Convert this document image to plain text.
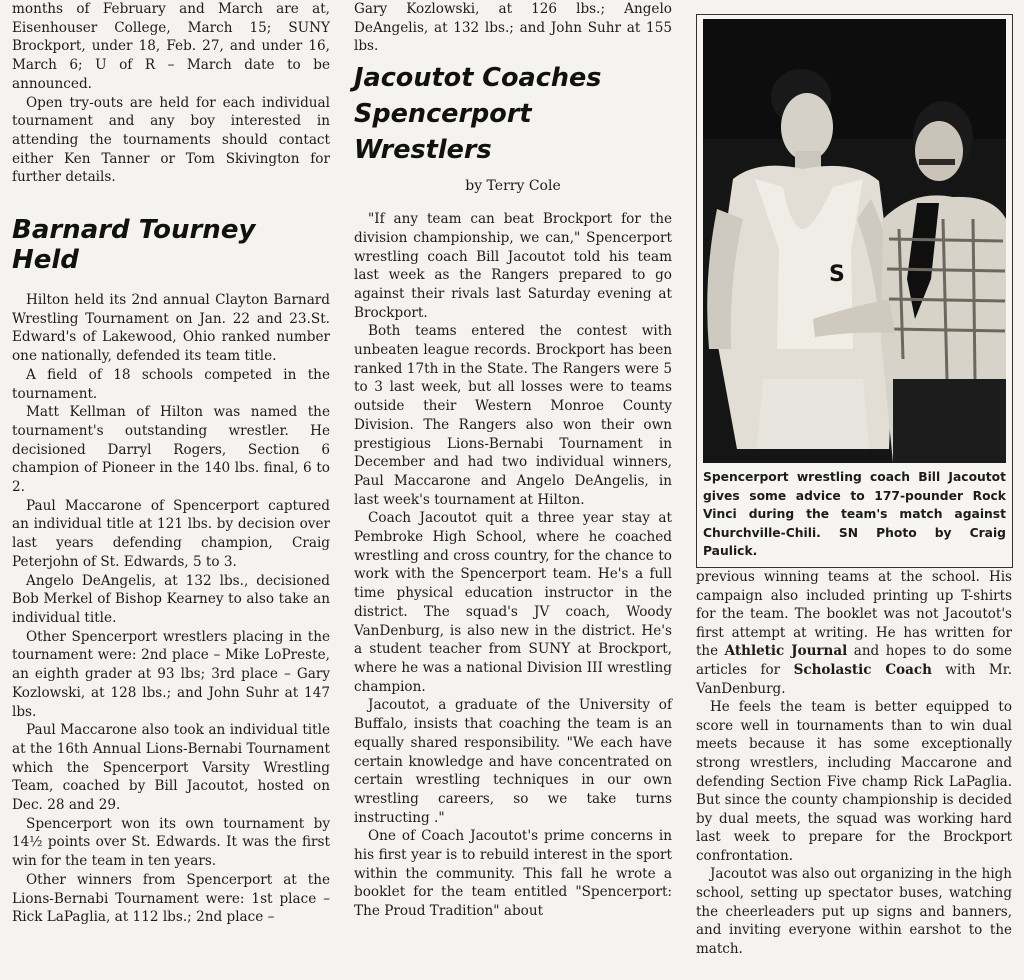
months of February and March are at, Eisenhouser College, March 15; SUNY Brockport, under 18, Feb. 27, and under 16, March 6; U of R – March date to be announced.

Open try-outs are held for each individual tournament and any boy interested in attending the tournaments should contact either Ken Tanner or Tom Skivington for further details.

Barnard Tourney Held

Hilton held its 2nd annual Clayton Barnard Wrestling Tournament on Jan. 22 and 23.St. Edward's of Lakewood, Ohio ranked number one nationally, defended its team title.

A field of 18 schools competed in the tournament.

Matt Kellman of Hilton was named the tournament's outstanding wrestler. He decisioned Darryl Rogers, Section 6 champion of Pioneer in the 140 lbs. final, 6 to 2.

Paul Maccarone of Spencerport captured an individual title at 121 lbs. by decision over last years defending champion, Craig Peterjohn of St. Edwards, 5 to 3.

Angelo DeAngelis, at 132 lbs., decisioned Bob Merkel of Bishop Kearney to also take an individual title.

Other Spencerport wrestlers placing in the tournament were: 2nd place – Mike LoPreste, an eighth grader at 93 lbs; 3rd place – Gary Kozlowski, at 128 lbs.; and John Suhr at 147 lbs.

Paul Maccarone also took an individual title at the 16th Annual Lions-Bernabi Tournament which the Spencerport Varsity Wrestling Team, coached by Bill Jacoutot, hosted on Dec. 28 and 29.

Spencerport won its own tournament by 14½ points over St. Edwards. It was the first win for the team in ten years.

Other winners from Spencerport at the Lions-Bernabi Tournament were: 1st place – Rick LaPaglia, at 112 lbs.; 2nd place –

Gary Kozlowski, at 126 lbs.; Angelo DeAngelis, at 132 lbs.; and John Suhr at 155 lbs.

Jacoutot Coaches Spencerport Wrestlers
by Terry Cole

"If any team can beat Brockport for the division championship, we can," Spencerport wrestling coach Bill Jacoutot told his team last week as the Rangers prepared to go against their rivals last Saturday evening at Brockport.

Both teams entered the contest with unbeaten league records. Brockport has been ranked 17th in the State. The Rangers were 5 to 3 last week, but all losses were to teams outside their Western Monroe County Division. The Rangers also won their own prestigious Lions-Bernabi Tournament in December and had two individual winners, Paul Maccarone and Angelo DeAngelis, in last week's tournament at Hilton.

Coach Jacoutot quit a three year stay at Pembroke High School, where he coached wrestling and cross country, for the chance to work with the Spencerport team. He's a full time physical education instructor in the district. The squad's JV coach, Woody VanDenburg, is also new in the district. He's a student teacher from SUNY at Brockport, where he was a national Division III wrestling champion.

Jacoutot, a graduate of the University of Buffalo, insists that coaching the team is an equally shared responsibility. "We each have certain knowledge and have concentrated on certain wrestling techniques in our own wrestling careers, so we take turns instructing ."

One of Coach Jacoutot's prime concerns in his first year is to rebuild interest in the sport within the community. This fall he wrote a booklet for the team entitled "Spencerport: The Proud Tradition" about

S

Spencerport wrestling coach Bill Jacoutot gives some advice to 177-pounder Rock Vinci during the team's match against Churchville-Chili. SN Photo by Craig Paulick.

previous winning teams at the school. His campaign also included printing up T-shirts for the team. The booklet was not Jacoutot's first attempt at writing. He has written for the Athletic Journal and hopes to do some articles for Scholastic Coach with Mr. VanDenburg.

He feels the team is better equipped to score well in tournaments than to win dual meets because it has some exceptionally strong wrestlers, including Maccarone and defending Section Five champ Rick LaPaglia. But since the county championship is decided by dual meets, the squad was working hard last week to prepare for the Brockport confrontation.

Jacoutot was also out organizing in the high school, setting up spectator buses, watching the cheerleaders put up signs and banners, and inviting everyone within earshot to the match.
